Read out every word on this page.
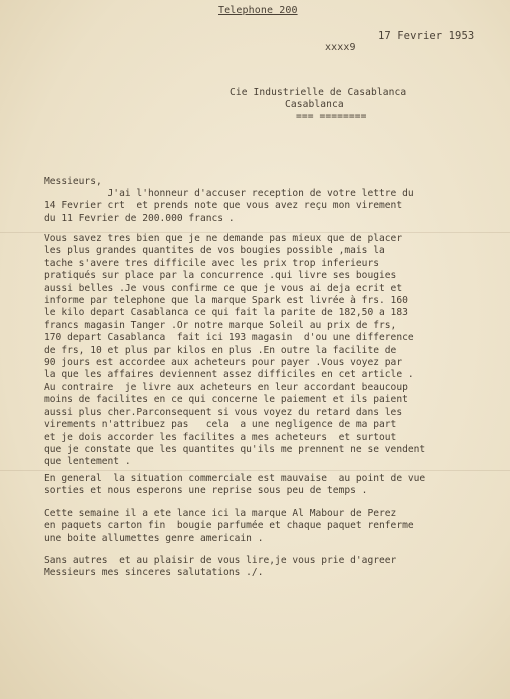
Telephone 200
17 Fevrier 1953
xxxx9
Cie Industrielle de Casablanca
Casablanca
=== ========
Messieurs,
J'ai l'honneur d'accuser reception de votre lettre du
14 Fevrier crt  et prends note que vous avez reçu mon virement
du 11 Fevrier de 200.000 francs .
Vous savez tres bien que je ne demande pas mieux que de placer
les plus grandes quantites de vos bougies possible ,mais la
tache s'avere tres difficile avec les prix trop inferieurs
pratiqués sur place par la concurrence .qui livre ses bougies
aussi belles .Je vous confirme ce que je vous ai deja ecrit et
informe par telephone que la marque Spark est livrée à frs. 160
le kilo depart Casablanca ce qui fait la parite de 182,50 a 183
francs magasin Tanger .Or notre marque Soleil au prix de frs,
170 depart Casablanca  fait ici 193 magasin  d'ou une difference
de frs, 10 et plus par kilos en plus .En outre la facilite de
90 jours est accordee aux acheteurs pour payer .Vous voyez par
la que les affaires deviennent assez difficiles en cet article .
Au contraire  je livre aux acheteurs en leur accordant beaucoup
moins de facilites en ce qui concerne le paiement et ils paient
aussi plus cher.Parconsequent si vous voyez du retard dans les
virements n'attribuez pas   cela  a une negligence de ma part
et je dois accorder les facilites a mes acheteurs  et surtout
que je constate que les quantites qu'ils me prennent ne se vendent
que lentement .
En general  la situation commerciale est mauvaise  au point de vue
sorties et nous esperons une reprise sous peu de temps .
Cette semaine il a ete lance ici la marque Al Mabour de Perez
en paquets carton fin  bougie parfumée et chaque paquet renferme
une boite allumettes genre americain .
Sans autres  et au plaisir de vous lire,je vous prie d'agreer
Messieurs mes sinceres salutations ./.
